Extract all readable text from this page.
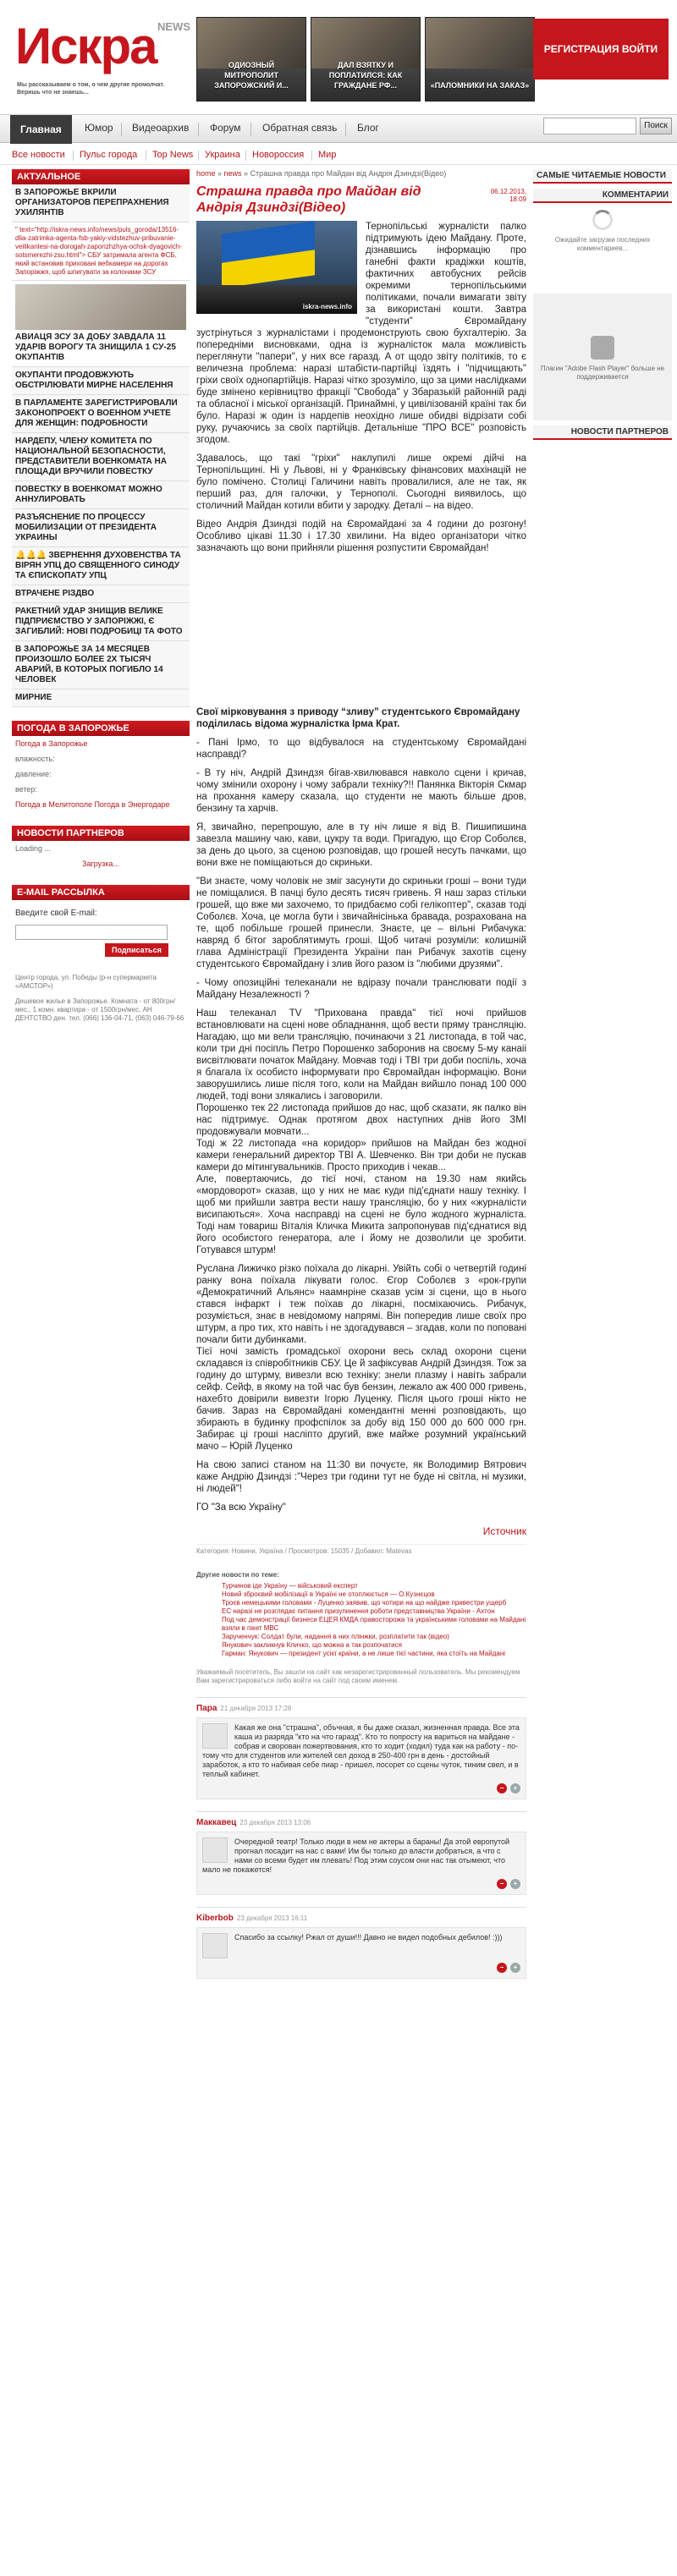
Искра NEWS
Мы рассказываем о том, о чем другие промолчат. Веришь что не знаешь...
ОДИОЗНЫЙ МИТРОПОЛИТ ЗАПОРОЖСКИЙ И...
ДАЛ ВЗЯТКУ И ПОПЛАТИЛСЯ: КАК ГРАЖДАНЕ РФ...	«ПАЛОМНИКИ НА ЗАКАЗ»
РЕГИСТРАЦИЯ ВОЙТИ
Главная	Юмор Видеоархив Форум Обратная связь Блог	Поиск
Все новости Пульс города Top News Украина Новороссия Мир
АКТУАЛЬНОЕ
В ЗАПОРОЖЬЕ ВКРИЛИ ОРГАНИЗАТОРОВ ПЕРЕПРАХНЕНИЯ УХИЛЯНТІВ
" text="http://iskra-news.info/news/puls_goroda/13516-dlia-zatrimka-agenta-fsb-yakiy-vidstezhuv-pribuvanie-veilikanlesi-na-dorogah-zaporizhzhya-ochsk-dyagovich-sotsmerezhi-zsu.html"> СБУ затримала агента ФСБ, який встановив приховані вебкамери на дорогах Запоріжжя, щоб шпигувати за колонами ЗСУ
АВИАЦЯ ЗСУ ЗА ДОБУ ЗАВДАЛА 11 УДАРІВ ВОРОГУ ТА ЗНИЩИЛА 1 СУ-25 ОКУПАНТІВ
ОКУПАНТИ ПРОДОВЖУЮТЬ ОБСТРІЛЮВАТИ МИРНЕ НАСЕЛЕННЯ
В ПАРЛАМЕНТЕ ЗАРЕГИСТРИРОВАЛИ ЗАКОНОПРОЕКТ О ВОЕННОМ УЧЕТЕ ДЛЯ ЖЕНЩИН: ПОДРОБНОСТИ
НАРДЕПУ, ЧЛЕНУ КОМИТЕТА ПО НАЦИОНАЛЬНОЙ БЕЗОПАСНОСТИ, ПРЕДСТАВИТЕЛИ ВОЕНКОМАТА НА ПЛОЩАДИ ВРУЧИЛИ ПОВЕСТКУ
ПОВЕСТКУ В ВОЕНКОМАТ МОЖНО АННУЛИРОВАТЬ
РАЗЪЯСНЕНИЕ ПО ПРОЦЕССУ МОБИЛИЗАЦИИ ОТ ПРЕЗИДЕНТА УКРАИНЫ
🔔🔔🔔 ЗВЕРНЕННЯ ДУХОВЕНСТВА ТА ВІРЯН УПЦ ДО СВЯЩЕННОГО СИНОДУ ТА ЄПИСКОПАТУ УПЦ
ВТРАЧЕНЕ РІЗДВО
РАКЕТНИЙ УДАР ЗНИЩИВ ВЕЛИКЕ ПІДПРИЄМСТВО У ЗАПОРІЖЖІ, Є ЗАГИБЛИЙ: НОВІ ПОДРОБИЦІ ТА ФОТО
В ЗАПОРОЖЬЕ ЗА 14 МЕСЯЦЕВ ПРОИЗОШЛО БОЛЕЕ 2Х ТЫСЯЧ АВАРИЙ, В КОТОРЫХ ПОГИБЛО 14 ЧЕЛОВЕК
МИРНИЕ
ПОГОДА В ЗАПОРОЖЬЕ
Погода в Запорожье
влажность:
давление:
ветер:
Погода в Мелитополе Погода в Энергодаре
НОВОСТИ ПАРТНЕРОВ
Loading ...
Загрузка...
E-MAIL РАССЫЛКА
Введите свой E-mail:
Подписаться
Центр города, ул. Победы (р-н супермаркета «АМСТОР»)
Дешевое жилье в Запорожье. Комната - от 800грн/мес., 1 комн. квартира - от 1500грн/мес, АН ДЕНТСТВО ден. тел. (066) 136-04-71, (063) 046-79-66
home » news » Страшна правда про Майдан від Андрія Дзиндзі(Відео)
Страшна правда про Майдан від Андрія Дзиндзі(Відео)
06.12.2013, 18:09
iskra-news.info
Тернопільські журналісти палко підтримують ідею Майдану. Проте, дізнавшись інформацію про ганебні факти крадіжки коштів, фактичних автобусних рейсів окремими тернопільськими політиками, почали вимагати звіту за використані кошти. Завтра "студенти" Євромайдану зустрінуться з журналістами і продемонструють свою бухгалтерію. За попередніми висновками, одна із журналісток мала можливість переглянути "папери", у них все гаразд. А от щодо звіту політиків, то є величезна проблема: наразі штабісти-партійці їздять і "підчищають" гріхи своїх однопартійців. Наразі чітко зрозуміло, що за цими наслідками буде змінено керівництво фракції "Свобода" у Збаразькій районній раді та обласної і міської організацій. Принаймні, у цивілізованій країні так би було. Наразі ж один із нардепів неохідно лише обидві відрізати собі руку, ручаючись за своїх партійців. Детальніше "ПРО ВСЕ" розповість згодом.
Здавалось, що такі "гріхи" наклупилі лише окремі дійчі на Тернопільщині. Ні у Львові, ні у Франківську фінансових махінацій не було помічено. Столиці Галичини навіть провалилися, але не так, як перший раз, для галочки, у Тернополі. Сьогодні виявилось, що столичний Майдан котили вбити у зародку. Деталі – на відео.
Відео Андрія Дзиндзі подій на Євромайдані за 4 години до розгону! Особливо цікаві 11.30 і 17.30 хвилини. На відео організатори чітко зазначають що вони прийняли рішення розпустити Євромайдан!
Свої мірковування з приводу “зливу” студентського Євромайдану поділилась відома журналістка Ірма Крат.
- Пані Ірмо, то що відбувалося на студентському Євромайдані насправді?
- В ту ніч, Андрій Дзиндзя бігав-хвилювався навколо сцени і кричав, чому змінили охорону і чому забрали техніку?!! Панянка Вікторія Скмар на прохання камеру сказала, що студенти не мають більше дров, бензину та харчів.
Я, звичайно, перепрошую, але в ту ніч лише я від В. Пишипишина завезла машину чаю, кави, цукру та води. Пригадую, що Єгор Соболєв, за день до цього, за сценою розповідав, що грошей несуть пачками, що вони вже не поміщаються до скриньки.
"Ви знаєте, чому чоловік не зміг засунути до скриньки гроші – вони туди не поміщалися. В пачці було десять тисяч гривень. Я наш зараз стільки грошей, що вже ми захочемо, то придбаємо собі гелікоптер", сказав тоді Соболєв. Хоча, це могла бути і звичайнісінька бравада, розрахована на те, щоб побільше грошей принесли. Знаєте, це – вільні Рибачука: навряд б бітог зароблятимуть гроші. Щоб читачі розуміли: колишній глава Адміністрації Президента України пан Рибачук захотів сцену студентського Євромайдану і злив його разом із "любими друзями".
- Чому опозиційні телеканали не вдіразу почали транслювати події з Майдану Незалежності ?
Наш телеканал TV "Прихована правда" тієї ночі прийшов встановлювати на сцені нове обладнання, щоб вести пряму трансляцію. Нагадаю, що ми вели трансляцію, починаючи з 21 листопада, в той час, коли три дні посіпль Петро Порошенко заборонив на своєму 5-му канаіі висвітлювати початок Майдану. Мовчав тоді і TBI три доби поспіль, хоча я благала їх особисто інформувати про Євромайдан інформацію. Вони заворушились лише після того, коли на Майдан вийшло понад 100 000 людей, тоді вони злякались і заговорили.
Порошенко тек 22 листопада прийшов до нас, щоб сказати, як палко він нас підтримує. Однак протягом двох наступних днів його ЗМІ продовжували мовчати...
Тоді ж 22 листопада «на коридор» прийшов на Майдан без жодної камери генеральний директор TBI А. Шевченко. Він три доби не пускав камери до мітингувальників. Просто приходив і чекав...
Але, повертаючись, до тієї ночі, станом на 19.30 нам якийсь «мордоворот» сказав, що у них не має куди під'єднати нашу техніку. І щоб ми прийшли завтра вести нашу трансляцію, бо у них «журналісти висипаються». Хоча насправді на сцені не було жодного журналіста. Тоді нам товариш Віталія Кличка Микита запропонував під'єднатися від його особистого генератора, але і йому не дозволили це зробити. Готувався штурм!
Руслана Лижичко різко поїхала до лікарні. Увійть собі о четвертій годині ранку вона поїхала лікувати голос. Єгор Соболєв з «рок-групи «Демократичний Альянс» наамнріне сказав усім зі сцени, що в нього стався інфаркт і теж поїхав до лікарні, посміхаючись. Рибачук, розуміється, знає в невідомому напрямі. Він попередив лише своїх про штурм, а про тих, хто навіть і не здогадувався – згадав, коли по поповані почали бити дубинками.
Тієї ночі замість громадської охорони весь склад охорони сцени складався із співробітників СБУ. Це й зафіксував Андрій Дзиндзя. Тож за годину до штурму, вивезли всю техніку: знели плазму і навіть забрали сейф. Сейф, в якому на той час був бензин, лежало аж 400 000 гривень, нахебто довірили вивезти Ігорю Луценку. Після цього гроші нікто не бачив. Зараз на Євромайдані комендантні менні розповідають, що збирають в будинку профспілок за добу від 150 000 до 600 000 грн. Забирає ці гроші насліпто другий, вже майже розумний український мачо – Юрій Луценко
На свою записі станом на 11:30 ви почуєте, як Володимир Вятрович каже Андрію Дзиндзі :"Через три години тут не буде ні світла, ні музики, ні людей"!
ГО "За всю Україну"
Источник
Категория: Новини, Україна / Просмотров: 15035 / Добавил: Matevas
Другие новости по теме:
Турчинов іде Україну — військовий експерт
Новий зброєвий мобілізації в Україні не отоплюється — О.Кузнєцов
Троєв немецькими головами - Луценко заявив, що чотири на що найдже привестри ущерб
ЕС наразі не розглядає питання призупинення роботи представництва України - Ахтон
Под час демонстрації бизнеси ЕЦЕЯ КМДА правосторожа та українськими головами на Майдані взяли в пікет МВС
Зарученчук: Солдат були, надання в них плінжки, розплатити так (відео)
Янукович закликнув Кличко, що можна а так розпочатися
Гарман: Янукович — президент усієї країни, а не лише тієї частини, яка стоїть на Майдані
Уважаемый посетитель, Вы зашли на сайт как незарегистрированный пользователь. Мы рекомендуем Вам зарегистрироваться либо войти на сайт под своим именем.
Пара 21 декабря 2013 17:28
Какая же она "страшна", объчная, я бы даже сказал, жизненная правда. Все эта каша из разряда "кто на что гаразд". Кто то попросту на вариться на майдане - собрав и сворован пожертвования, кто то ходит (ходил) туда как на работу - по-тому что для студентов или жителей сел доход в 250-400 грн в день - достойный заработок, а кто то набивая себе пиар - пришел, посорет со сцены чуток, тиним свел, и в теплый кабинет.
− +
Маккавец 23 декабря 2013 13:06
Очередной театр! Только люди в нем не актеры а бараны! Да этой европутой прогнал посадит на нас с вами! Им бы только до власти добраться, а что с нами со всеми будет им плевать! Под этим соусом они нас так отымеют, что мало не покажется!
− +
Kiberbob 23 декабря 2013 16:11
Спасибо за ссылку! Ржал от души!!! Давно не видел подобных дебилов! :)))
− +
САМЫЕ ЧИТАЕМЫЕ НОВОСТИ
КОММЕНТАРИИ

Ожидайте загрузки последних комментариев...
Плагин "Adobe Flash Player" больше не поддерживается
НОВОСТИ ПАРТНЕРОВ
